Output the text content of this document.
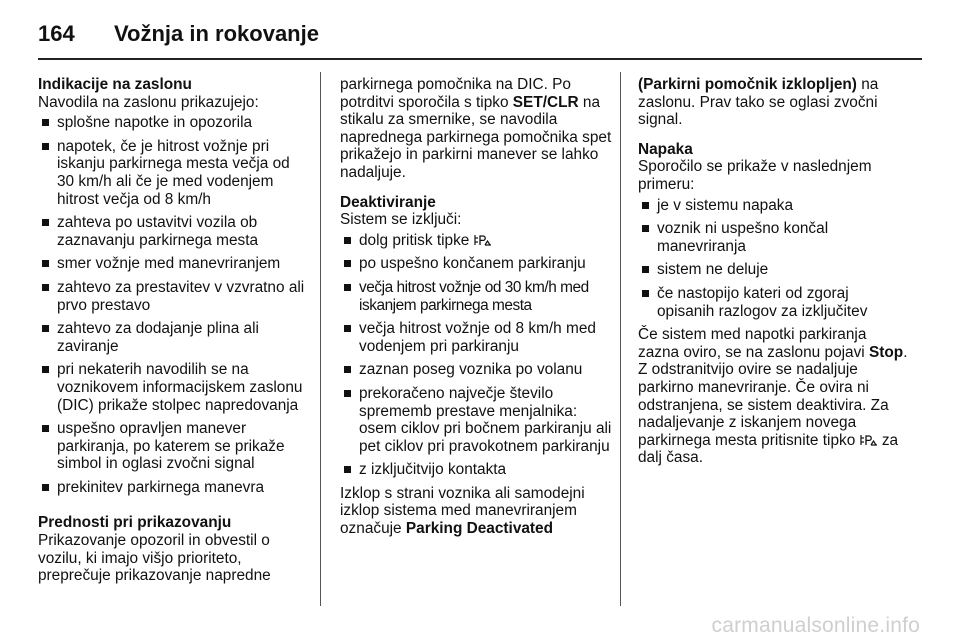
164	Vožnja in rokovanje

Indikacije na zaslonu

Navodila na zaslonu prikazujejo:

splošne napotke in opozorila
napotek, če je hitrost vožnje pri iskanju parkirnega mesta večja od 30 km/h ali če je med vodenjem hitrost večja od 8 km/h
zahteva po ustavitvi vozila ob zaznavanju parkirnega mesta
smer vožnje med manevriranjem
zahtevo za prestavitev v vzvratno ali prvo prestavo
zahtevo za dodajanje plina ali zaviranje
pri nekaterih navodilih se na voznikovem informacijskem zaslonu (DIC) prikaže stolpec napredovanja
uspešno opravljen manever parkiranja, po katerem se prikaže simbol in oglasi zvočni signal
prekinitev parkirnega manevra

Prednosti pri prikazovanju

Prikazovanje opozoril in obvestil o vozilu, ki imajo višjo prioriteto, preprečuje prikazovanje napredne

parkirnega pomočnika na DIC. Po potrditvi sporočila s tipko SET/CLR na stikalu za smernike, se navodila naprednega parkirnega pomočnika spet prikažejo in parkirni manever se lahko nadaljuje.

Deaktiviranje

Sistem se izključi:

dolg pritisk tipke
po uspešno končanem parkiranju
večja hitrost vožnje od 30 km/h med iskanjem parkirnega mesta
večja hitrost vožnje od 8 km/h med vodenjem pri parkiranju
zaznan poseg voznika po volanu
prekoračeno največje število sprememb prestave menjalnika: osem ciklov pri bočnem parkiranju ali pet ciklov pri pravokotnem parkiranju
z izključitvijo kontakta

Izklop s strani voznika ali samodejni izklop sistema med manevriranjem označuje Parking Deactivated

(Parkirni pomočnik izklopljen) na zaslonu. Prav tako se oglasi zvočni signal.

Napaka

Sporočilo se prikaže v naslednjem primeru:

je v sistemu napaka
voznik ni uspešno končal manevriranja
sistem ne deluje
če nastopijo kateri od zgoraj opisanih razlogov za izključitev

Če sistem med napotki parkiranja zazna oviro, se na zaslonu pojavi Stop. Z odstranitvijo ovire se nadaljuje parkirno manevriranje. Če ovira ni odstranjena, se sistem deaktivira. Za nadaljevanje z iskanjem novega parkirnega mesta pritisnite tipko  za dalj časa.

carmanualsonline.info
